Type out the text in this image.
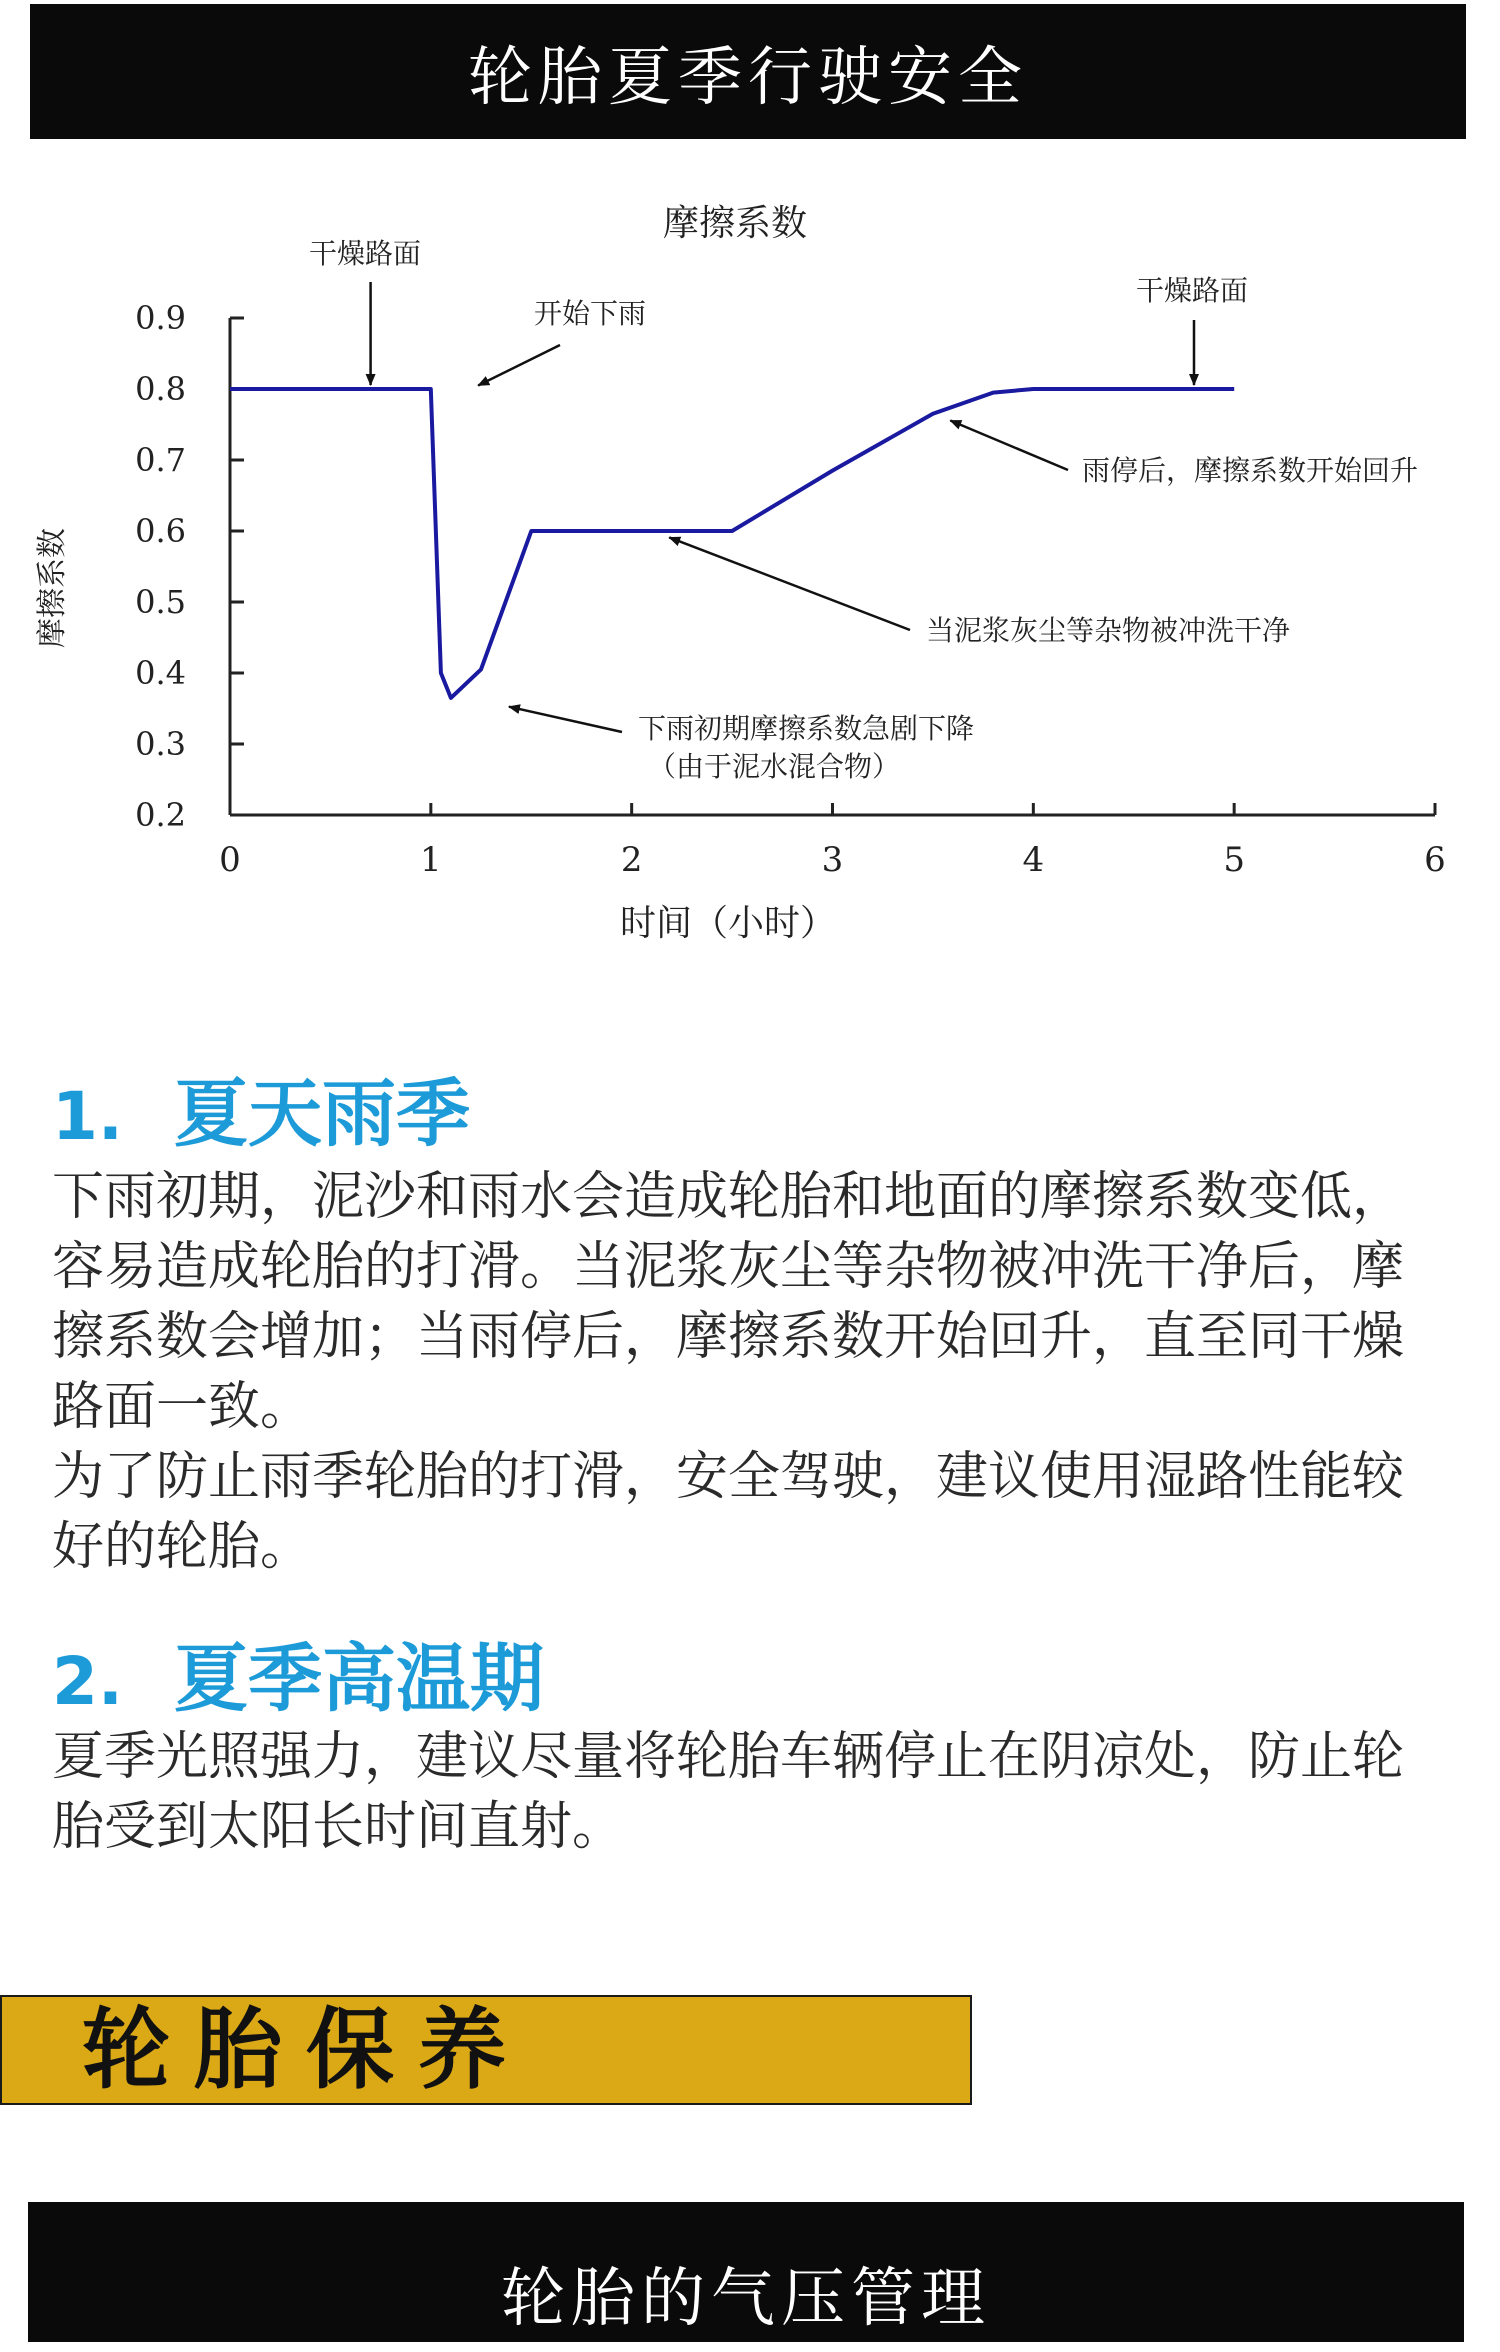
轮胎夏季行驶安全
0	1	2	3	4	5	6
0.9
0.8
0.7
0.6
0.5
0.4
0.3
0.2
干燥路面
开始下雨
干燥路面
雨停后，摩擦系数开始回升
当泥浆灰尘等杂物被冲洗干净
下雨初期摩擦系数急剧下降
（由于泥水混合物）
摩擦系数
时间（小时）
摩擦系数
1. 夏天雨季

下雨初期，泥沙和雨水会造成轮胎和地面的摩擦系数变低，容易造成轮胎的打滑。当泥浆灰尘等杂物被冲洗干净后，摩擦系数会增加；当雨停后，摩擦系数开始回升，直至同干燥路面一致。

为了防止雨季轮胎的打滑，安全驾驶，建议使用湿路性能较好的轮胎。

2. 夏季高温期

夏季光照强力，建议尽量将轮胎车辆停止在阴凉处，防止轮胎受到太阳长时间直射。

轮胎保养
轮胎的气压管理
